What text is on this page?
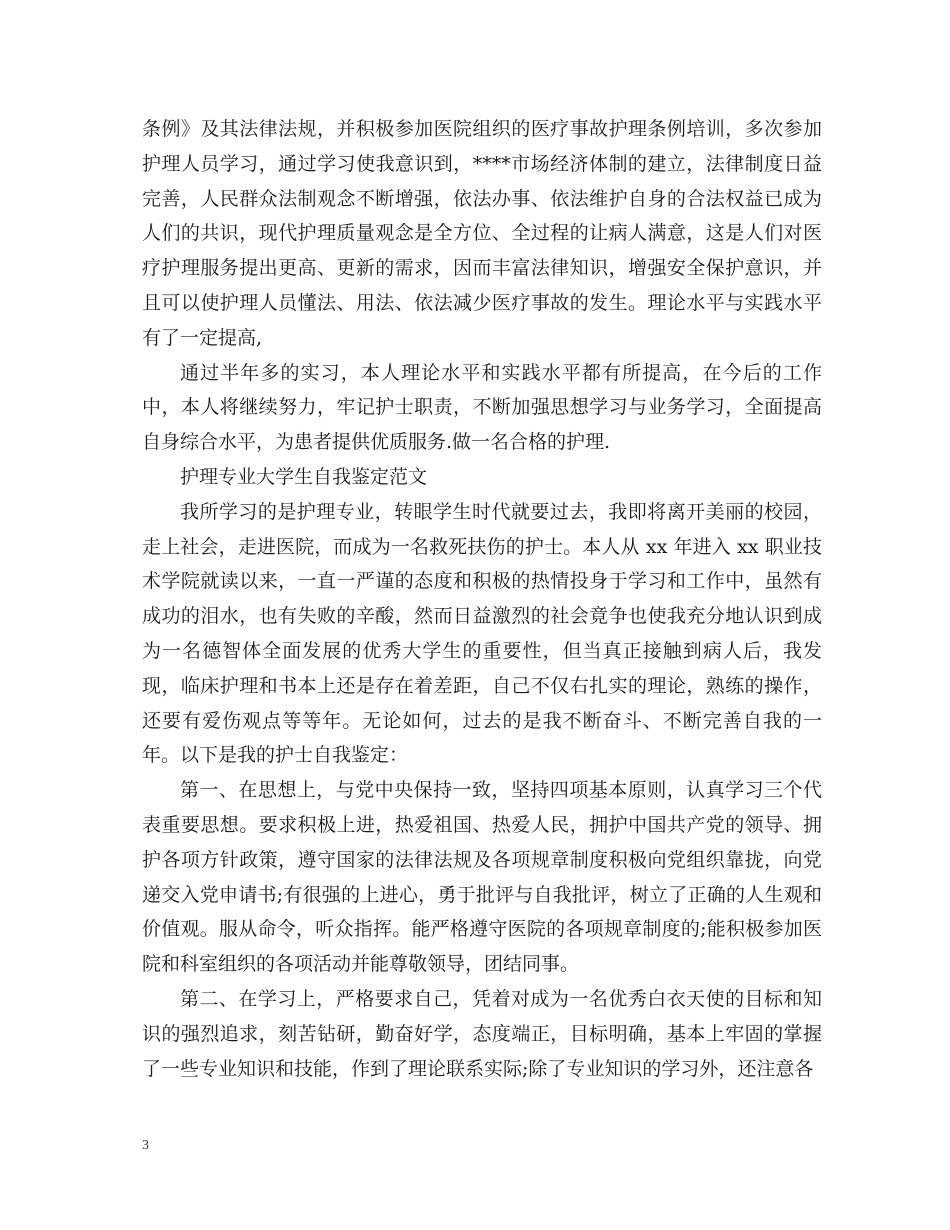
条例》及其法律法规，并积极参加医院组织的医疗事故护理条例培训，多次参加护理人员学习，通过学习使我意识到，****市场经济体制的建立，法律制度日益完善，人民群众法制观念不断增强，依法办事、依法维护自身的合法权益已成为人们的共识，现代护理质量观念是全方位、全过程的让病人满意，这是人们对医疗护理服务提出更高、更新的需求，因而丰富法律知识，增强安全保护意识，并且可以使护理人员懂法、用法、依法减少医疗事故的发生。理论水平与实践水平有了一定提高,

通过半年多的实习，本人理论水平和实践水平都有所提高，在今后的工作中，本人将继续努力，牢记护士职责，不断加强思想学习与业务学习，全面提高自身综合水平，为患者提供优质服务.做一名合格的护理.

护理专业大学生自我鉴定范文

我所学习的是护理专业，转眼学生时代就要过去，我即将离开美丽的校园，走上社会，走进医院，而成为一名救死扶伤的护士。本人从 xx 年进入 xx 职业技术学院就读以来，一直一严谨的态度和积极的热情投身于学习和工作中，虽然有成功的泪水，也有失败的辛酸，然而日益激烈的社会竟争也使我充分地认识到成为一名德智体全面发展的优秀大学生的重要性，但当真正接触到病人后，我发现，临床护理和书本上还是存在着差距，自己不仅右扎实的理论，熟练的操作，还要有爱伤观点等等年。无论如何，过去的是我不断奋斗、不断完善自我的一年。以下是我的护士自我鉴定：

第一、在思想上，与党中央保持一致，坚持四项基本原则，认真学习三个代表重要思想。要求积极上进，热爱祖国、热爱人民，拥护中国共产党的领导、拥护各项方针政策，遵守国家的法律法规及各项规章制度积极向党组织靠拢，向党递交入党申请书;有很强的上进心，勇于批评与自我批评，树立了正确的人生观和价值观。服从命令，听众指挥。能严格遵守医院的各项规章制度的;能积极参加医院和科室组织的各项活动并能尊敬领导，团结同事。

第二、在学习上，严格要求自己，凭着对成为一名优秀白衣天使的目标和知识的强烈追求，刻苦钻研，勤奋好学，态度端正，目标明确，基本上牢固的掌握了一些专业知识和技能，作到了理论联系实际;除了专业知识的学习外，还注意各

3
